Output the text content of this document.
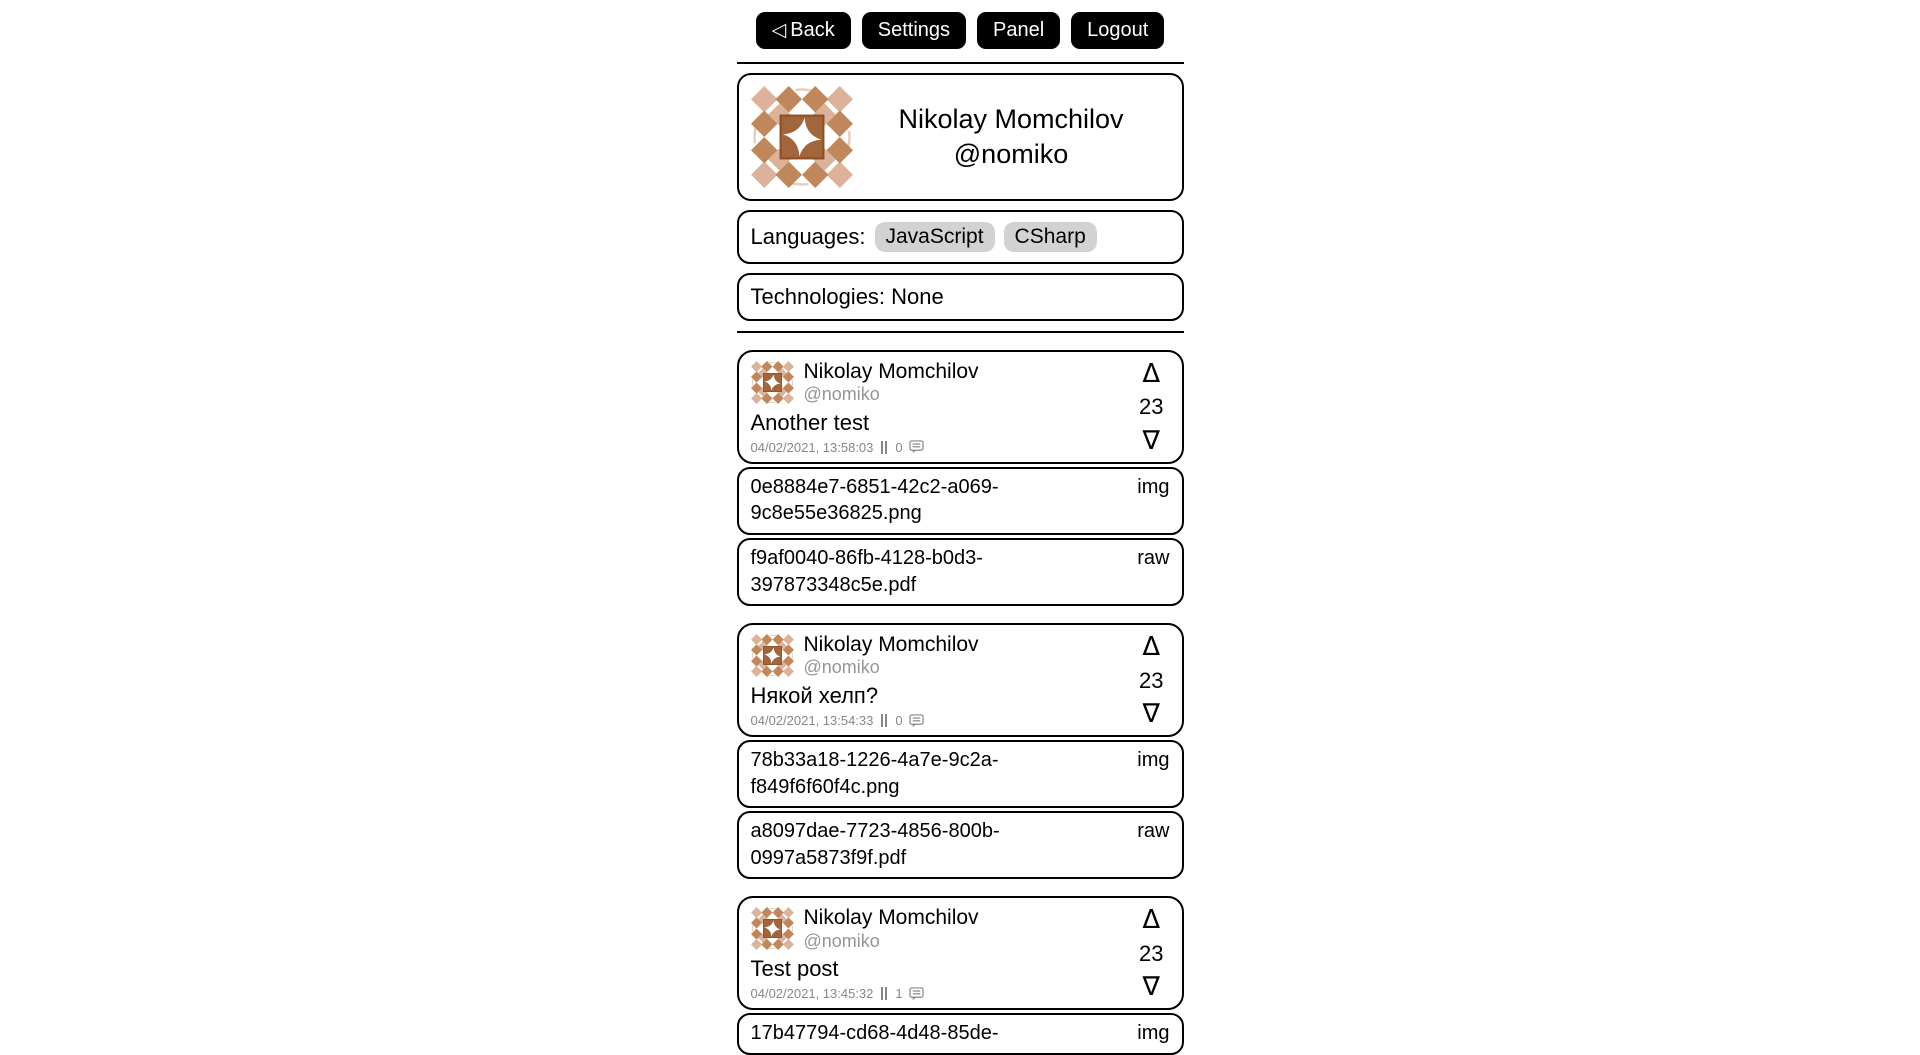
◁ Back	Settings	Panel	Logout
Nikolay Momchilov
@nomiko
Languages: JavaScript	CSharp
Technologies: None
Nikolay Momchilov
@nomiko
Another test
04/02/2021, 13:58:03 0
Δ
23
∇
0e8884e7-6851-42c2-a069-9c8e55e36825.png
img
f9af0040-86fb-4128-b0d3-397873348c5e.pdf
raw
Nikolay Momchilov
@nomiko
Някой хелп?
04/02/2021, 13:54:33 0
Δ
23
∇
78b33a18-1226-4a7e-9c2a-f849f6f60f4c.png
img
a8097dae-7723-4856-800b-0997a5873f9f.pdf
raw
Nikolay Momchilov
@nomiko
Test post
04/02/2021, 13:45:32 1
Δ
23
∇
17b47794-cd68-4d48-85de-	img
